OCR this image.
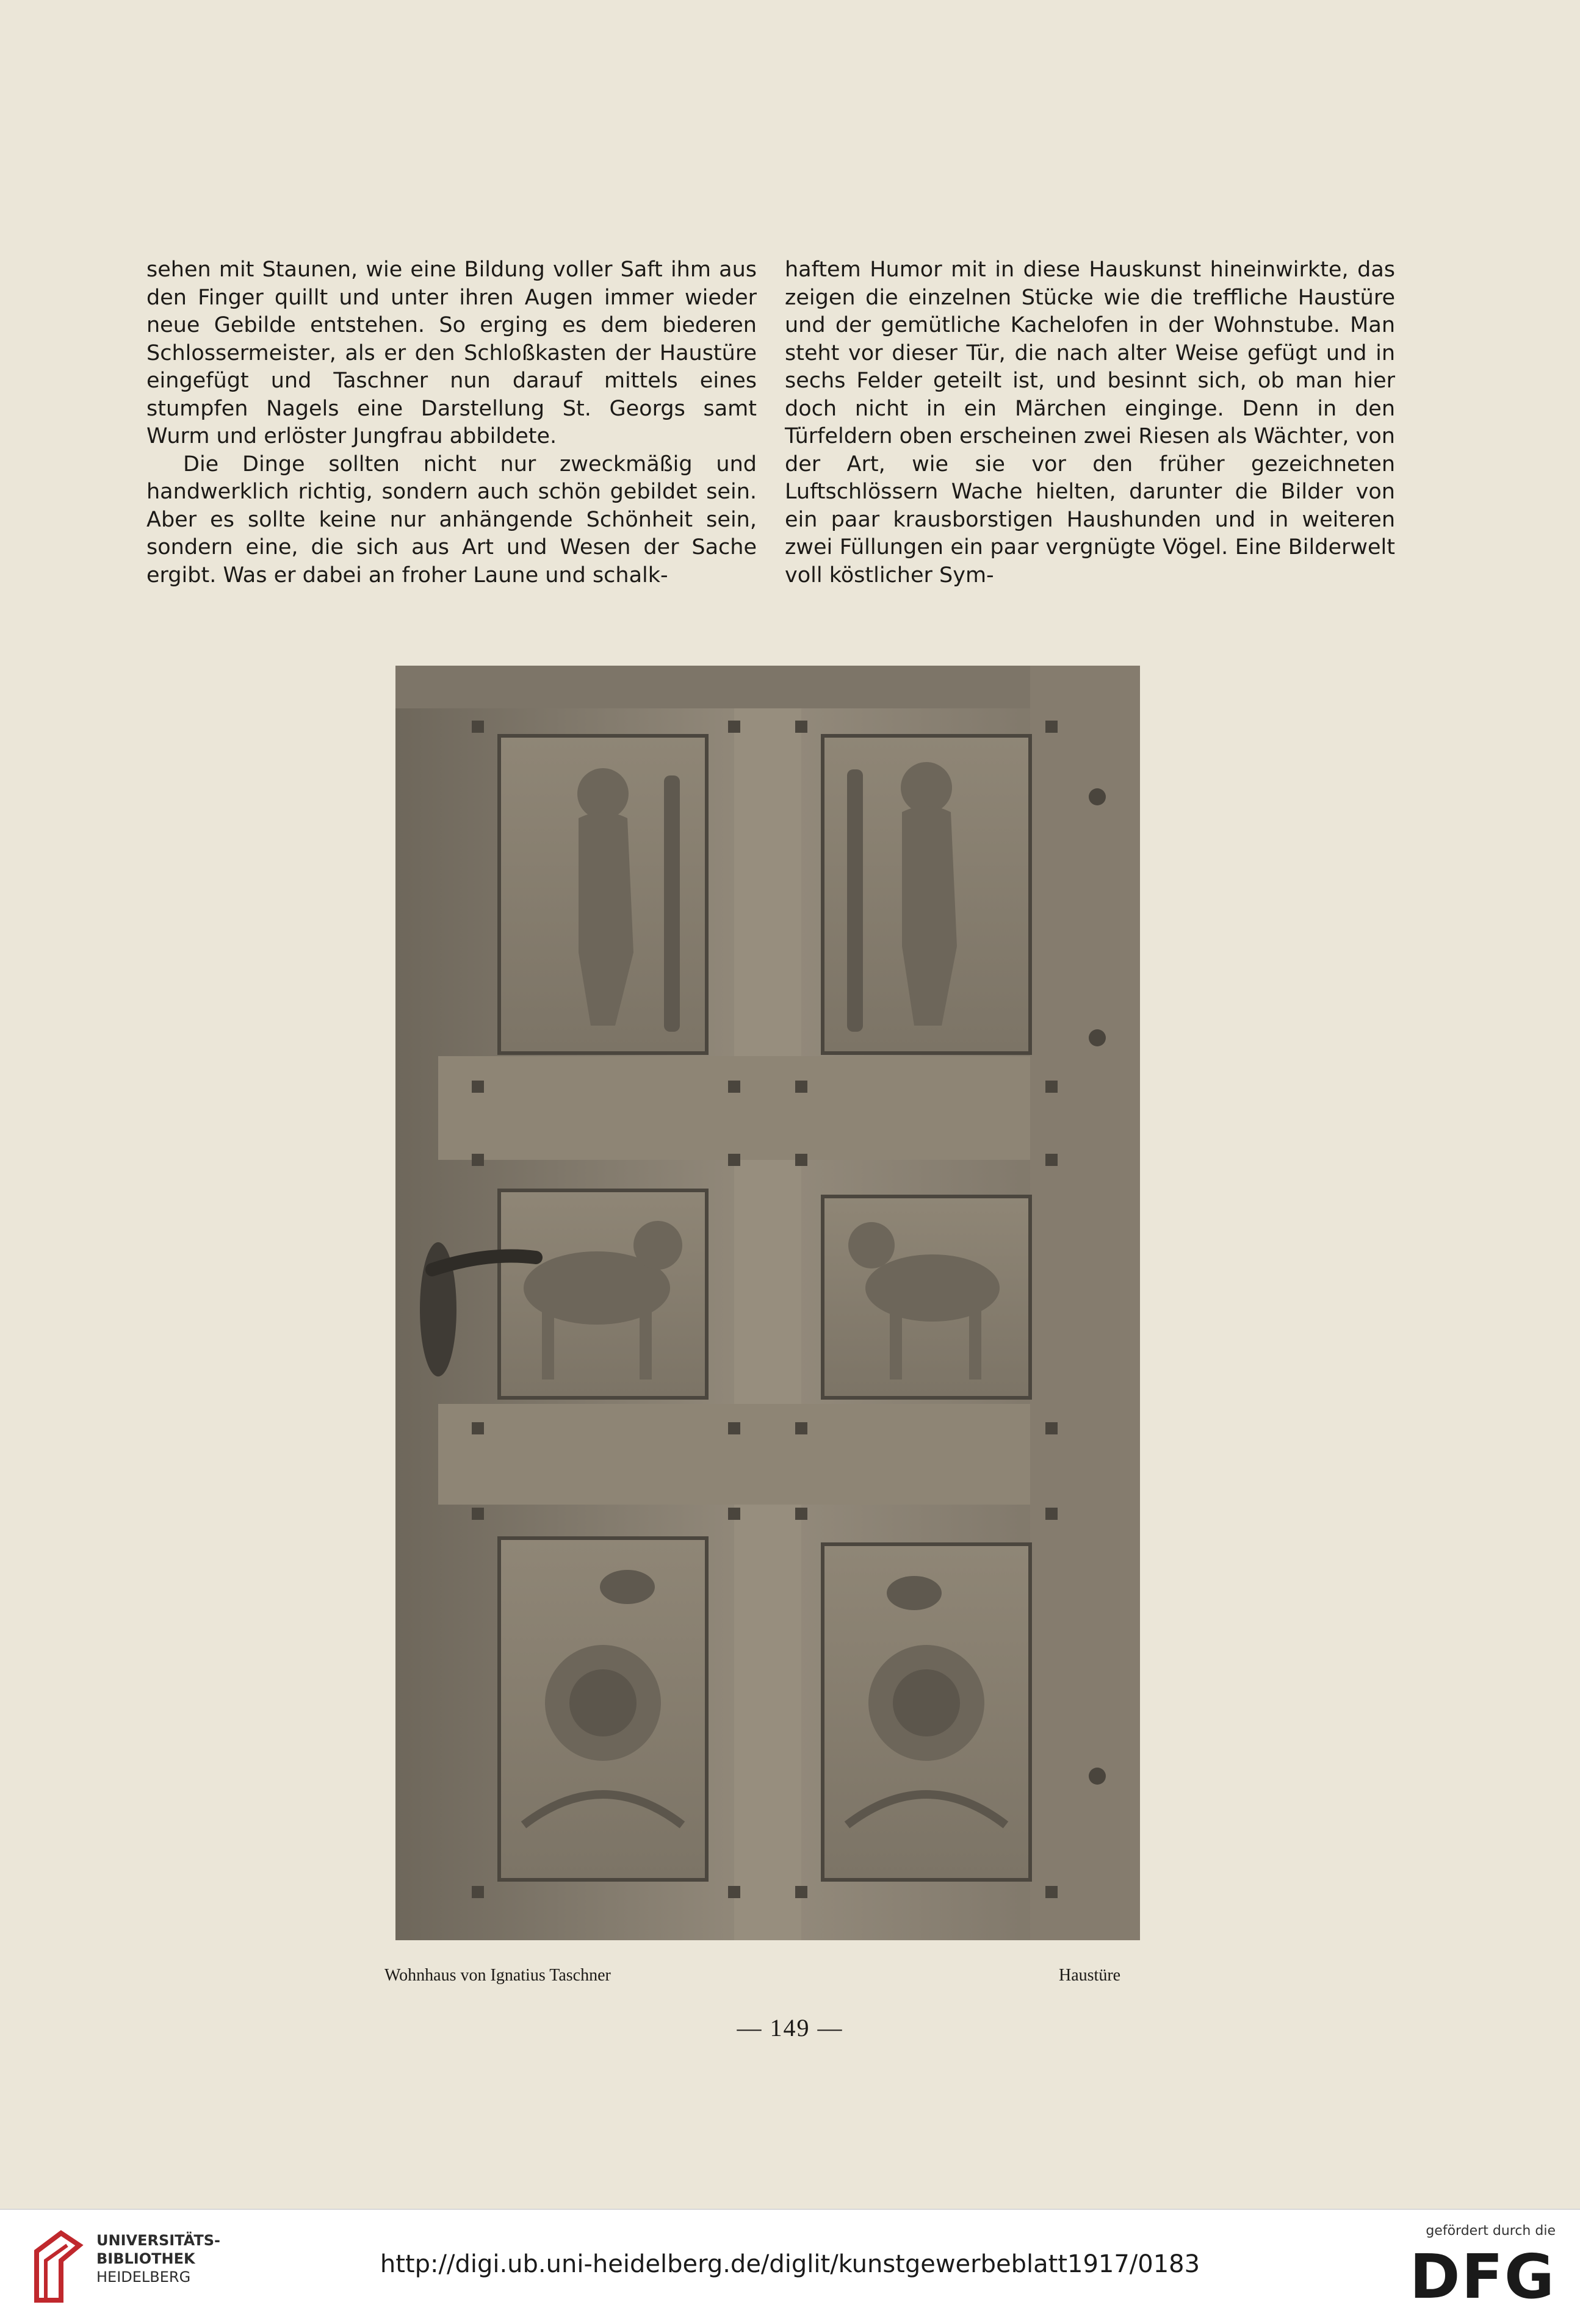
sehen mit Staunen, wie eine Bildung voller Saft ihm aus den Finger quillt und unter ihren Augen immer wieder neue Gebilde entstehen. So erging es dem biederen Schlossermeister, als er den Schloßkasten der Haustüre eingefügt und Taschner nun darauf mittels eines stumpfen Nagels eine Darstellung St. Georgs samt Wurm und erlöster Jungfrau abbildete.

Die Dinge sollten nicht nur zweckmäßig und handwerklich richtig, sondern auch schön gebildet sein. Aber es sollte keine nur anhängende Schönheit sein, sondern eine, die sich aus Art und Wesen der Sache ergibt. Was er dabei an froher Laune und schalk-

haftem Humor mit in diese Hauskunst hineinwirkte, das zeigen die einzelnen Stücke wie die treffliche Haustüre und der gemütliche Kachelofen in der Wohnstube. Man steht vor dieser Tür, die nach alter Weise gefügt und in sechs Felder geteilt ist, und besinnt sich, ob man hier doch nicht in ein Märchen einginge. Denn in den Türfeldern oben erscheinen zwei Riesen als Wächter, von der Art, wie sie vor den früher gezeichneten Luftschlössern Wache hielten, darunter die Bilder von ein paar krausborstigen Haushunden und in weiteren zwei Füllungen ein paar vergnügte Vögel. Eine Bilderwelt voll köstlicher Sym-

Wohnhaus von Ignatius Taschner	Haustüre
— 149 —
UNIVERSITÄTS-
BIBLIOTHEK
HEIDELBERG	http://digi.ub.uni-heidelberg.de/diglit/kunstgewerbeblatt1917/0183
gefördert durch die
DFG
